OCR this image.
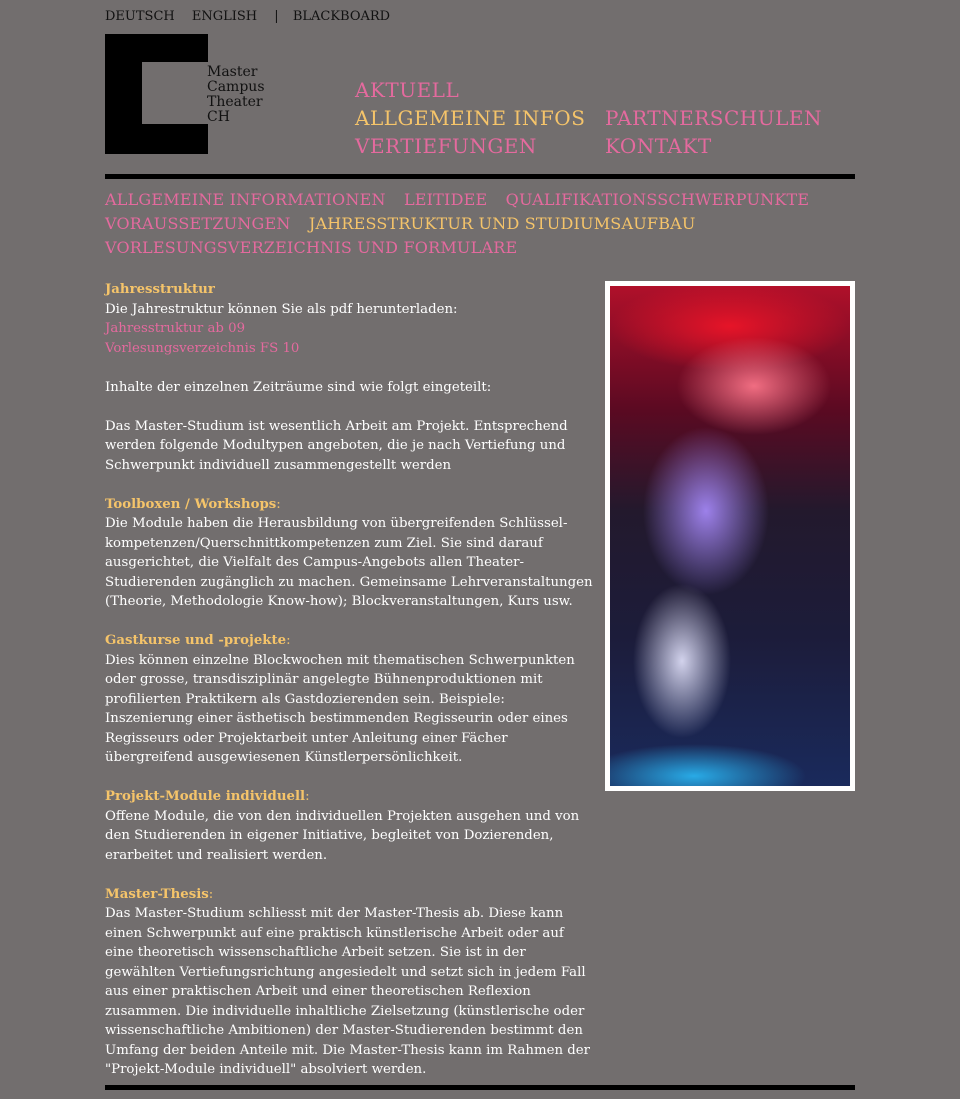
DEUTSCH ENGLISH | BLACKBOARD
Master
Campus
Theater
CH
AKTUELL
ALLGEMEINE INFOS
VERTIEFUNGEN
PARTNERSCHULEN
KONTAKT
ALLGEMEINE INFORMATIONEN LEITIDEE QUALIFIKATIONSSCHWERPUNKTE
VORAUSSETZUNGEN JAHRESSTRUKTUR UND STUDIUMSAUFBAU
VORLESUNGSVERZEICHNIS UND FORMULARE

Jahresstruktur
Die Jahrestruktur können Sie als pdf herunterladen:
Jahresstruktur ab 09
Vorlesungsverzeichnis FS 10

Inhalte der einzelnen Zeiträume sind wie folgt eingeteilt:

Das Master-Studium ist wesentlich Arbeit am Projekt. Entsprechend werden folgende Modultypen angeboten, die je nach Vertiefung und Schwerpunkt individuell zusammengestellt werden

Toolboxen / Workshops:
Die Module haben die Herausbildung von übergreifenden Schlüssel-kompetenzen/Querschnittkompetenzen zum Ziel. Sie sind darauf ausgerichtet, die Vielfalt des Campus-Angebots allen Theater-Studierenden zugänglich zu machen. Gemeinsame Lehrveranstaltungen (Theorie, Methodologie Know-how); Blockveranstaltungen, Kurs usw.

Gastkurse und -projekte:
Dies können einzelne Blockwochen mit thematischen Schwerpunkten oder grosse, transdisziplinär angelegte Bühnenproduktionen mit profilierten Praktikern als Gastdozierenden sein. Beispiele: Inszenierung einer ästhetisch bestimmenden Regisseurin oder eines Regisseurs oder Projektarbeit unter Anleitung einer Fächer übergreifend ausgewiesenen Künstlerpersönlichkeit.

Projekt-Module individuell:
Offene Module, die von den individuellen Projekten ausgehen und von den Studierenden in eigener Initiative, begleitet von Dozierenden, erarbeitet und realisiert werden.

Master-Thesis:
Das Master-Studium schliesst mit der Master-Thesis ab. Diese kann einen Schwerpunkt auf eine praktisch künstlerische Arbeit oder auf eine theoretisch wissenschaftliche Arbeit setzen. Sie ist in der gewählten Vertiefungsrichtung angesiedelt und setzt sich in jedem Fall aus einer praktischen Arbeit und einer theoretischen Reflexion zusammen. Die individuelle inhaltliche Zielsetzung (künstlerische oder wissenschaftliche Ambitionen) der Master-Studierenden bestimmt den Umfang der beiden Anteile mit. Die Master-Thesis kann im Rahmen der "Projekt-Module individuell" absolviert werden.
